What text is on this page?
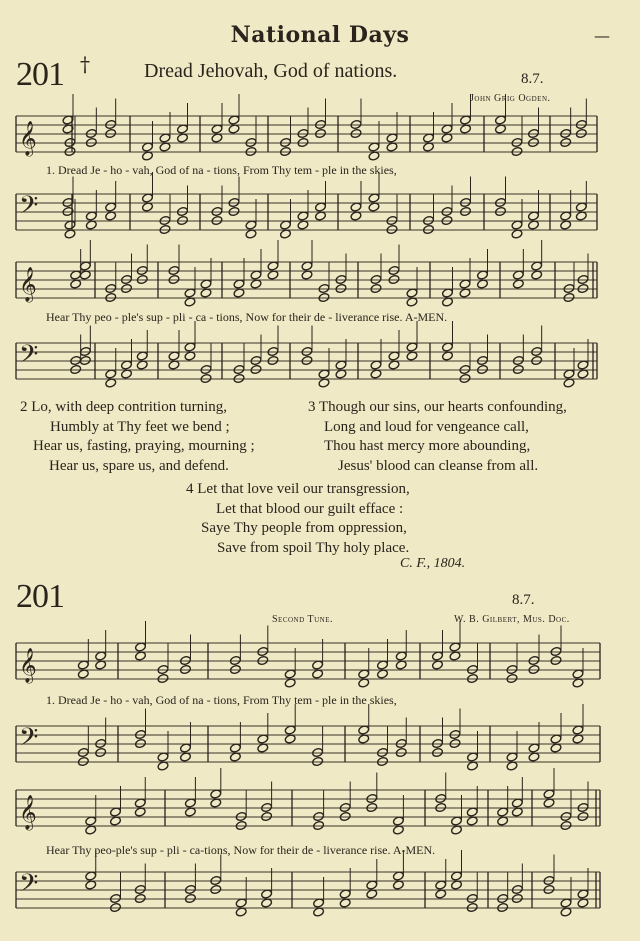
National Days	—
201 †	Dread Jehovah, God of nations.	8.7.
John Grig Ogden.
𝄞
𝄢
𝄞
𝄢
𝄞
𝄢
𝄞
𝄢
1. Dread Je - ho - vah, God of na - tions, From Thy tem - ple in the skies,
Hear Thy peo - ple's sup - pli - ca - tions, Now for their de - liverance rise. A-MEN.
2 Lo, with deep contrition turning,
Humbly at Thy feet we bend ;
Hear us, fasting, praying, mourning ;
Hear us, spare us, and defend.
3 Though our sins, our hearts confounding,
Long and loud for vengeance call,
Thou hast mercy more abounding,
Jesus' blood can cleanse from all.
4 Let that love veil our transgression,
Let that blood our guilt efface :
Saye Thy people from oppression,
Save from spoil Thy holy place.
C. F., 1804.
201	8.7.
Second Tune.	W. B. Gilbert, Mus. Doc.
1. Dread Je - ho - vah, God of na - tions, From Thy tem - ple in the skies,
Hear Thy peo-ple's sup - pli - ca-tions, Now for their de - liverance rise. A-MEN.
